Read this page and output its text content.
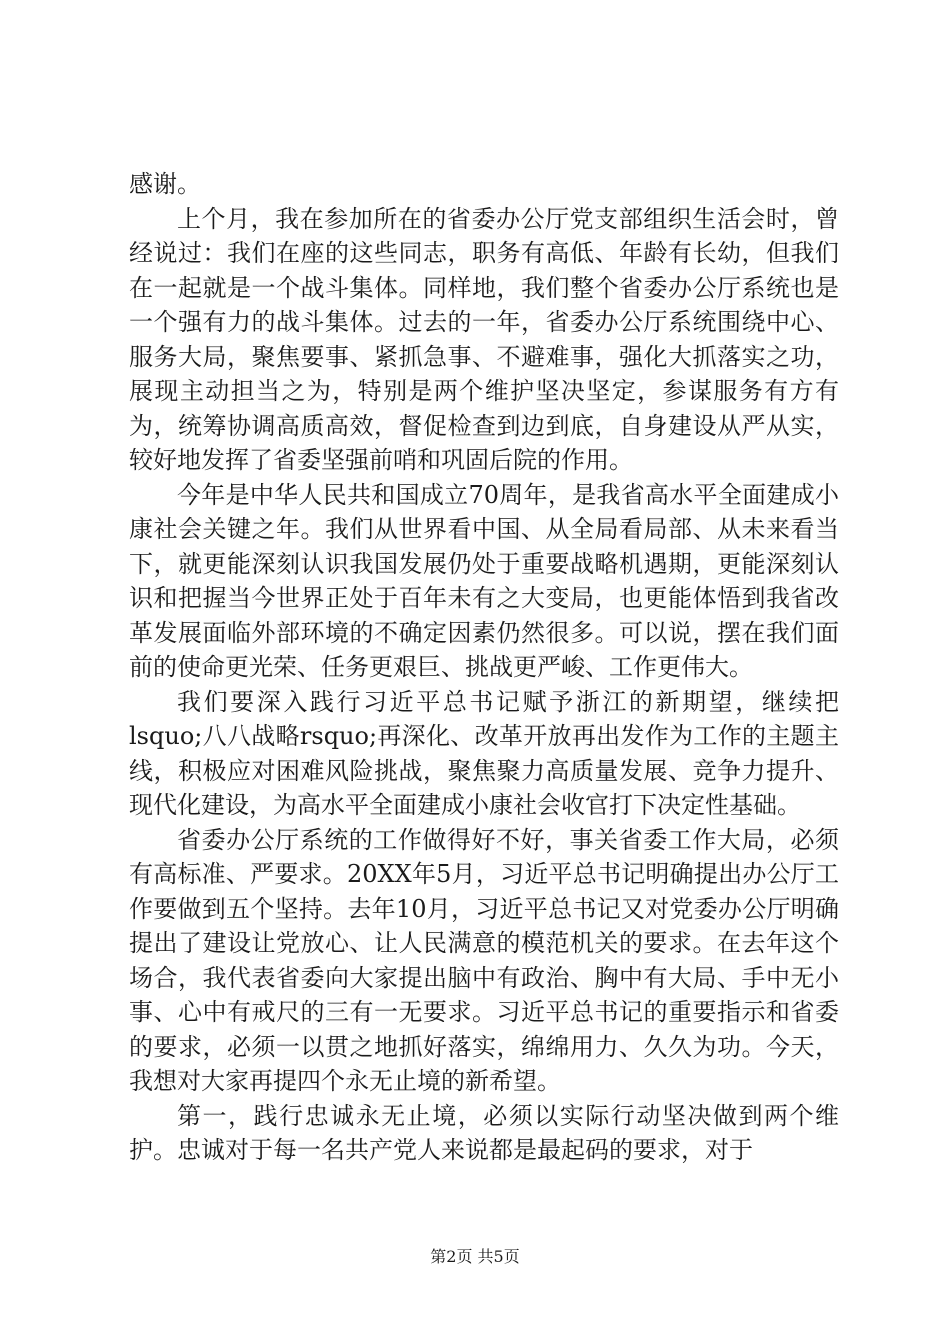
感谢。

上个月，我在参加所在的省委办公厅党支部组织生活会时，曾经说过：我们在座的这些同志，职务有高低、年龄有长幼，但我们在一起就是一个战斗集体。同样地，我们整个省委办公厅系统也是一个强有力的战斗集体。过去的一年，省委办公厅系统围绕中心、服务大局，聚焦要事、紧抓急事、不避难事，强化大抓落实之功，展现主动担当之为，特别是两个维护坚决坚定，参谋服务有方有为，统筹协调高质高效，督促检查到边到底，自身建设从严从实，较好地发挥了省委坚强前哨和巩固后院的作用。

今年是中华人民共和国成立70周年，是我省高水平全面建成小康社会关键之年。我们从世界看中国、从全局看局部、从未来看当下，就更能深刻认识我国发展仍处于重要战略机遇期，更能深刻认识和把握当今世界正处于百年未有之大变局，也更能体悟到我省改革发展面临外部环境的不确定因素仍然很多。可以说，摆在我们面前的使命更光荣、任务更艰巨、挑战更严峻、工作更伟大。

我们要深入践行习近平总书记赋予浙江的新期望，继续把lsquo;八八战略rsquo;再深化、改革开放再出发作为工作的主题主线，积极应对困难风险挑战，聚焦聚力高质量发展、竞争力提升、现代化建设，为高水平全面建成小康社会收官打下决定性基础。

省委办公厅系统的工作做得好不好，事关省委工作大局，必须有高标准、严要求。20XX年5月，习近平总书记明确提出办公厅工作要做到五个坚持。去年10月，习近平总书记又对党委办公厅明确提出了建设让党放心、让人民满意的模范机关的要求。在去年这个场合，我代表省委向大家提出脑中有政治、胸中有大局、手中无小事、心中有戒尺的三有一无要求。习近平总书记的重要指示和省委的要求，必须一以贯之地抓好落实，绵绵用力、久久为功。今天，我想对大家再提四个永无止境的新希望。

第一，践行忠诚永无止境，必须以实际行动坚决做到两个维护。忠诚对于每一名共产党人来说都是最起码的要求，对于

第2页 共5页
